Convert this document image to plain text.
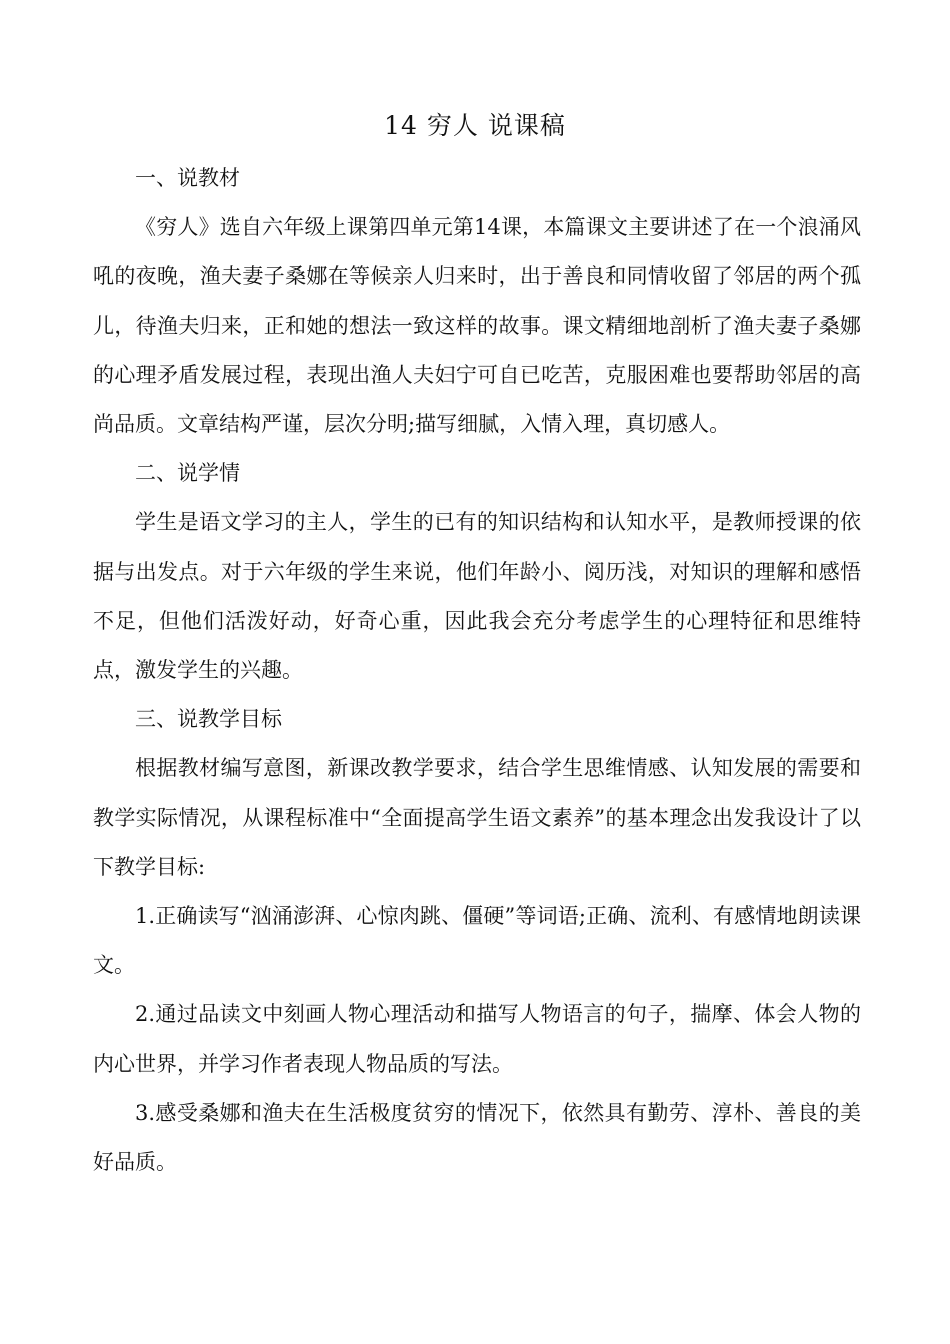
14 穷人 说课稿

一、说教材

《穷人》选自六年级上课第四单元第14课，本篇课文主要讲述了在一个浪涌风吼的夜晚，渔夫妻子桑娜在等候亲人归来时，出于善良和同情收留了邻居的两个孤儿，待渔夫归来，正和她的想法一致这样的故事。课文精细地剖析了渔夫妻子桑娜的心理矛盾发展过程，表现出渔人夫妇宁可自已吃苦，克服困难也要帮助邻居的高尚品质。文章结构严谨，层次分明;描写细腻，入情入理，真切感人。

二、说学情

学生是语文学习的主人，学生的已有的知识结构和认知水平，是教师授课的依据与出发点。对于六年级的学生来说，他们年龄小、阅历浅，对知识的理解和感悟不足，但他们活泼好动，好奇心重，因此我会充分考虑学生的心理特征和思维特点，激发学生的兴趣。

三、说教学目标

根据教材编写意图，新课改教学要求，结合学生思维情感、认知发展的需要和教学实际情况，从课程标准中“全面提高学生语文素养”的基本理念出发我设计了以下教学目标:

1.正确读写“汹涌澎湃、心惊肉跳、僵硬”等词语;正确、流利、有感情地朗读课文。

2.通过品读文中刻画人物心理活动和描写人物语言的句子，揣摩、体会人物的内心世界，并学习作者表现人物品质的写法。

3.感受桑娜和渔夫在生活极度贫穷的情况下，依然具有勤劳、淳朴、善良的美好品质。
